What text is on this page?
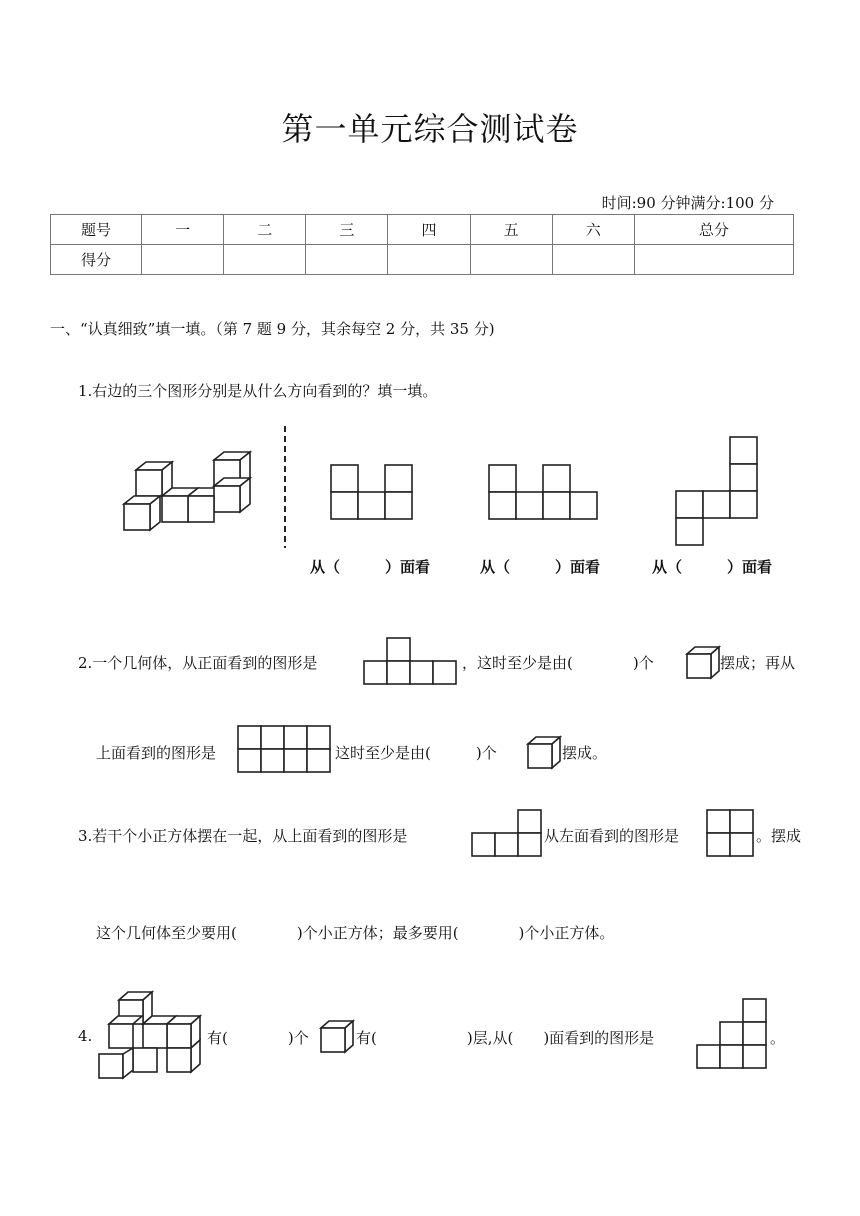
第一单元综合测试卷
时间:90 分钟满分:100 分
题号	一	二	三	四	五	六	总分
得分							
一、“认真细致”填一填。（第 7 题 9 分，其余每空 2 分，共 35 分)
1.右边的三个图形分别是从什么方向看到的？填一填。
从（　　　）面看	从（　　　）面看	从（　　　）面看
2.一个几何体，从正面看到的图形是	，这时至少是由(　　　　)个	摆成；再从
上面看到的图形是	这时至少是由(　　　)个	摆成。
3.若干个小正方体摆在一起，从上面看到的图形是	从左面看到的图形是	。摆成
这个几何体至少要用(　　　　)个小正方体；最多要用(　　　　)个小正方体。
4.	有(　　　　)个	有(　　　　　　)层,从(　　)面看到的图形是	。
